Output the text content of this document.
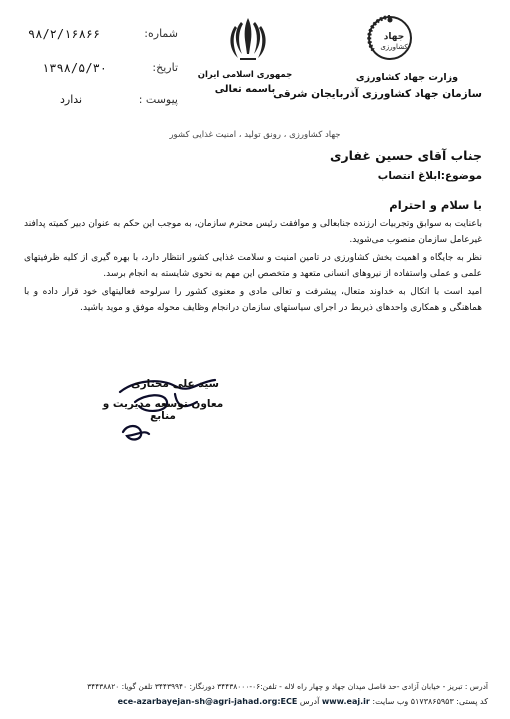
۹۸/۲/۱۶۸۶۶	شماره:
۱۳۹۸/۵/۳۰	تاریخ:
ندارد	پیوست :
جمهوری اسلامی ایران
باسمه تعالی
جهاد
کشاورزی
وزارت جهاد کشاورزی
سازمان جهاد کشاورزی آذربایجان شرقی
جهاد کشاورزی ، رونق تولید ، امنیت غذایی کشور
جناب آقای حسین غفاری
موضوع:ابلاغ انتصاب
با سلام و احترام
باعنایت به سوابق وتجربیات ارزنده جنابعالی و موافقت رئیس محترم سازمان، به موجب این حکم به عنوان دبیر کمیته پدافند غیرعامل سازمان منصوب می‌شوید.
نظر به جایگاه و اهمیت بخش کشاورزی در تامین امنیت و سلامت غذایی کشور انتظار دارد، با بهره گیری از کلیه ظرفیتهای علمی و عملی واستفاده از نیروهای انسانی متعهد و متخصص این مهم به نحوی شایسته به انجام برسد.
امید است با اتکال به خداوند متعال، پیشرفت و تعالی مادی و معنوی کشور را سرلوحه فعالیتهای خود قرار داده و با هماهنگی و همکاری واحدهای ذیربط در اجرای سیاستهای سازمان درانجام وظایف محوله موفق و موید باشید.
سید علی مختاری
معاون توسعه مدیریت و منابع
آدرس : تبریز - خیابان آزادی -حد فاصل میدان جهاد و چهار راه لاله - تلفن:۰۶-۳۴۴۳۸۰۰۰ دورنگار: ۳۴۴۳۹۹۴۰ تلفن گویا: ۳۴۴۳۸۸۲۰
کد پستی: ۵۱۷۳۸۶۵۹۵۳ وب سایت: www.eaj.ir آدرس ece-azarbayejan-sh@agri-jahad.org:ECE
